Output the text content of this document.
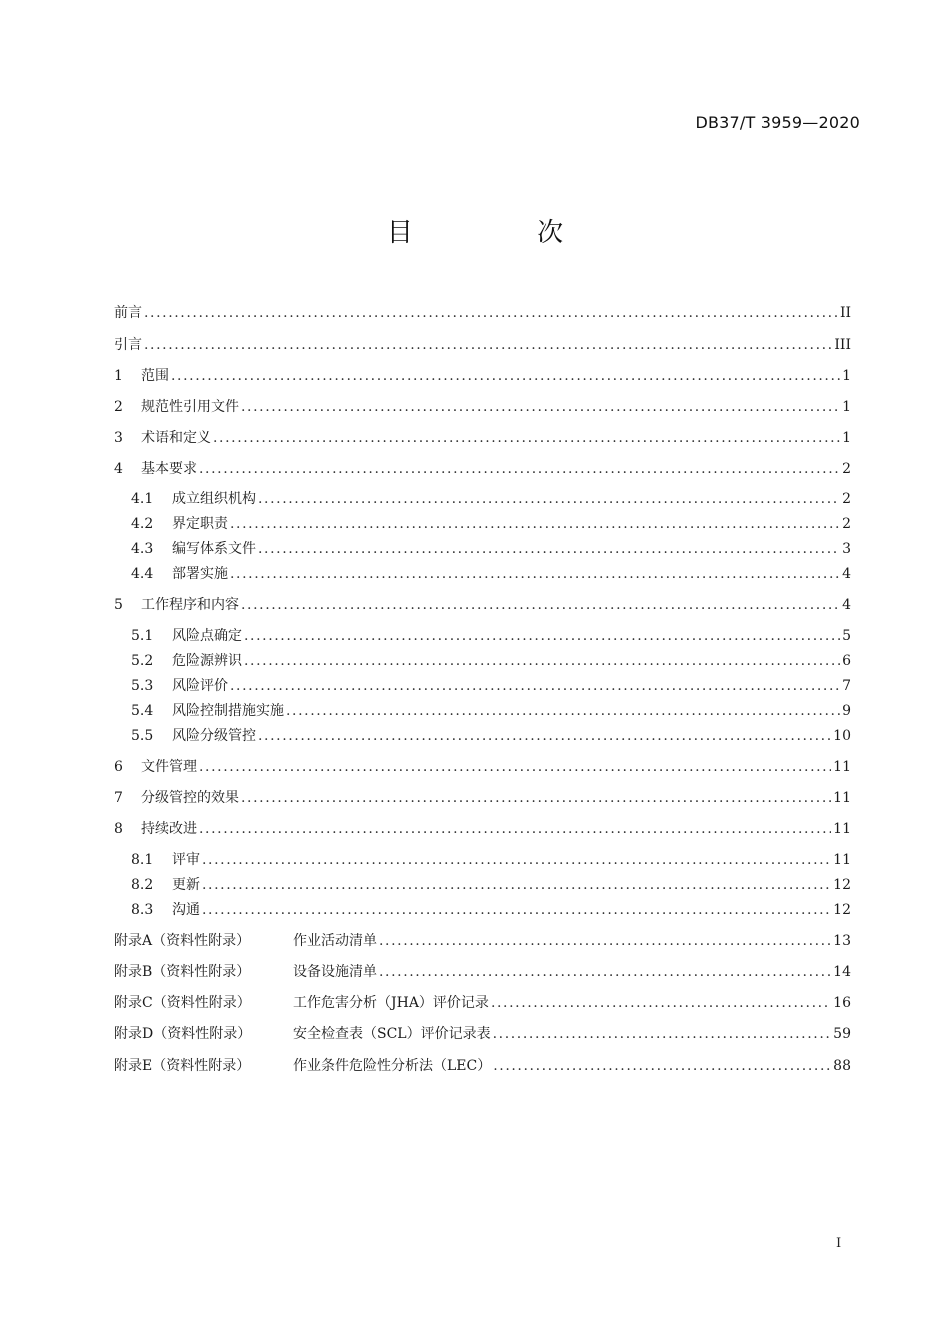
DB37/T 3959—2020
目 次
前言 .....	II
引言 .....	III
1	范围 .....	1
2	规范性引用文件 .....	1
3	术语和定义 .....	1
4	基本要求 .....	2
4.1	成立组织机构 .....	2
4.2	界定职责 .....	2
4.3	编写体系文件 .....	3
4.4	部署实施 .....	4
5	工作程序和内容 .....	4
5.1	风险点确定 .....	5
5.2	危险源辨识 .....	6
5.3	风险评价 .....	7
5.4	风险控制措施实施 .....	9
5.5	风险分级管控 .....	10
6	文件管理 .....	11
7	分级管控的效果 .....	11
8	持续改进 .....	11
8.1	评审 .....	11
8.2	更新 .....	12
8.3	沟通 .....	12
附录A（资料性附录）	作业活动清单 .....	13
附录B（资料性附录）	设备设施清单 .....	14
附录C（资料性附录）	工作危害分析（JHA）评价记录 .....	16
附录D（资料性附录）	安全检查表（SCL）评价记录表 .....	59
附录E（资料性附录）	作业条件危险性分析法（LEC） .....	88
I
